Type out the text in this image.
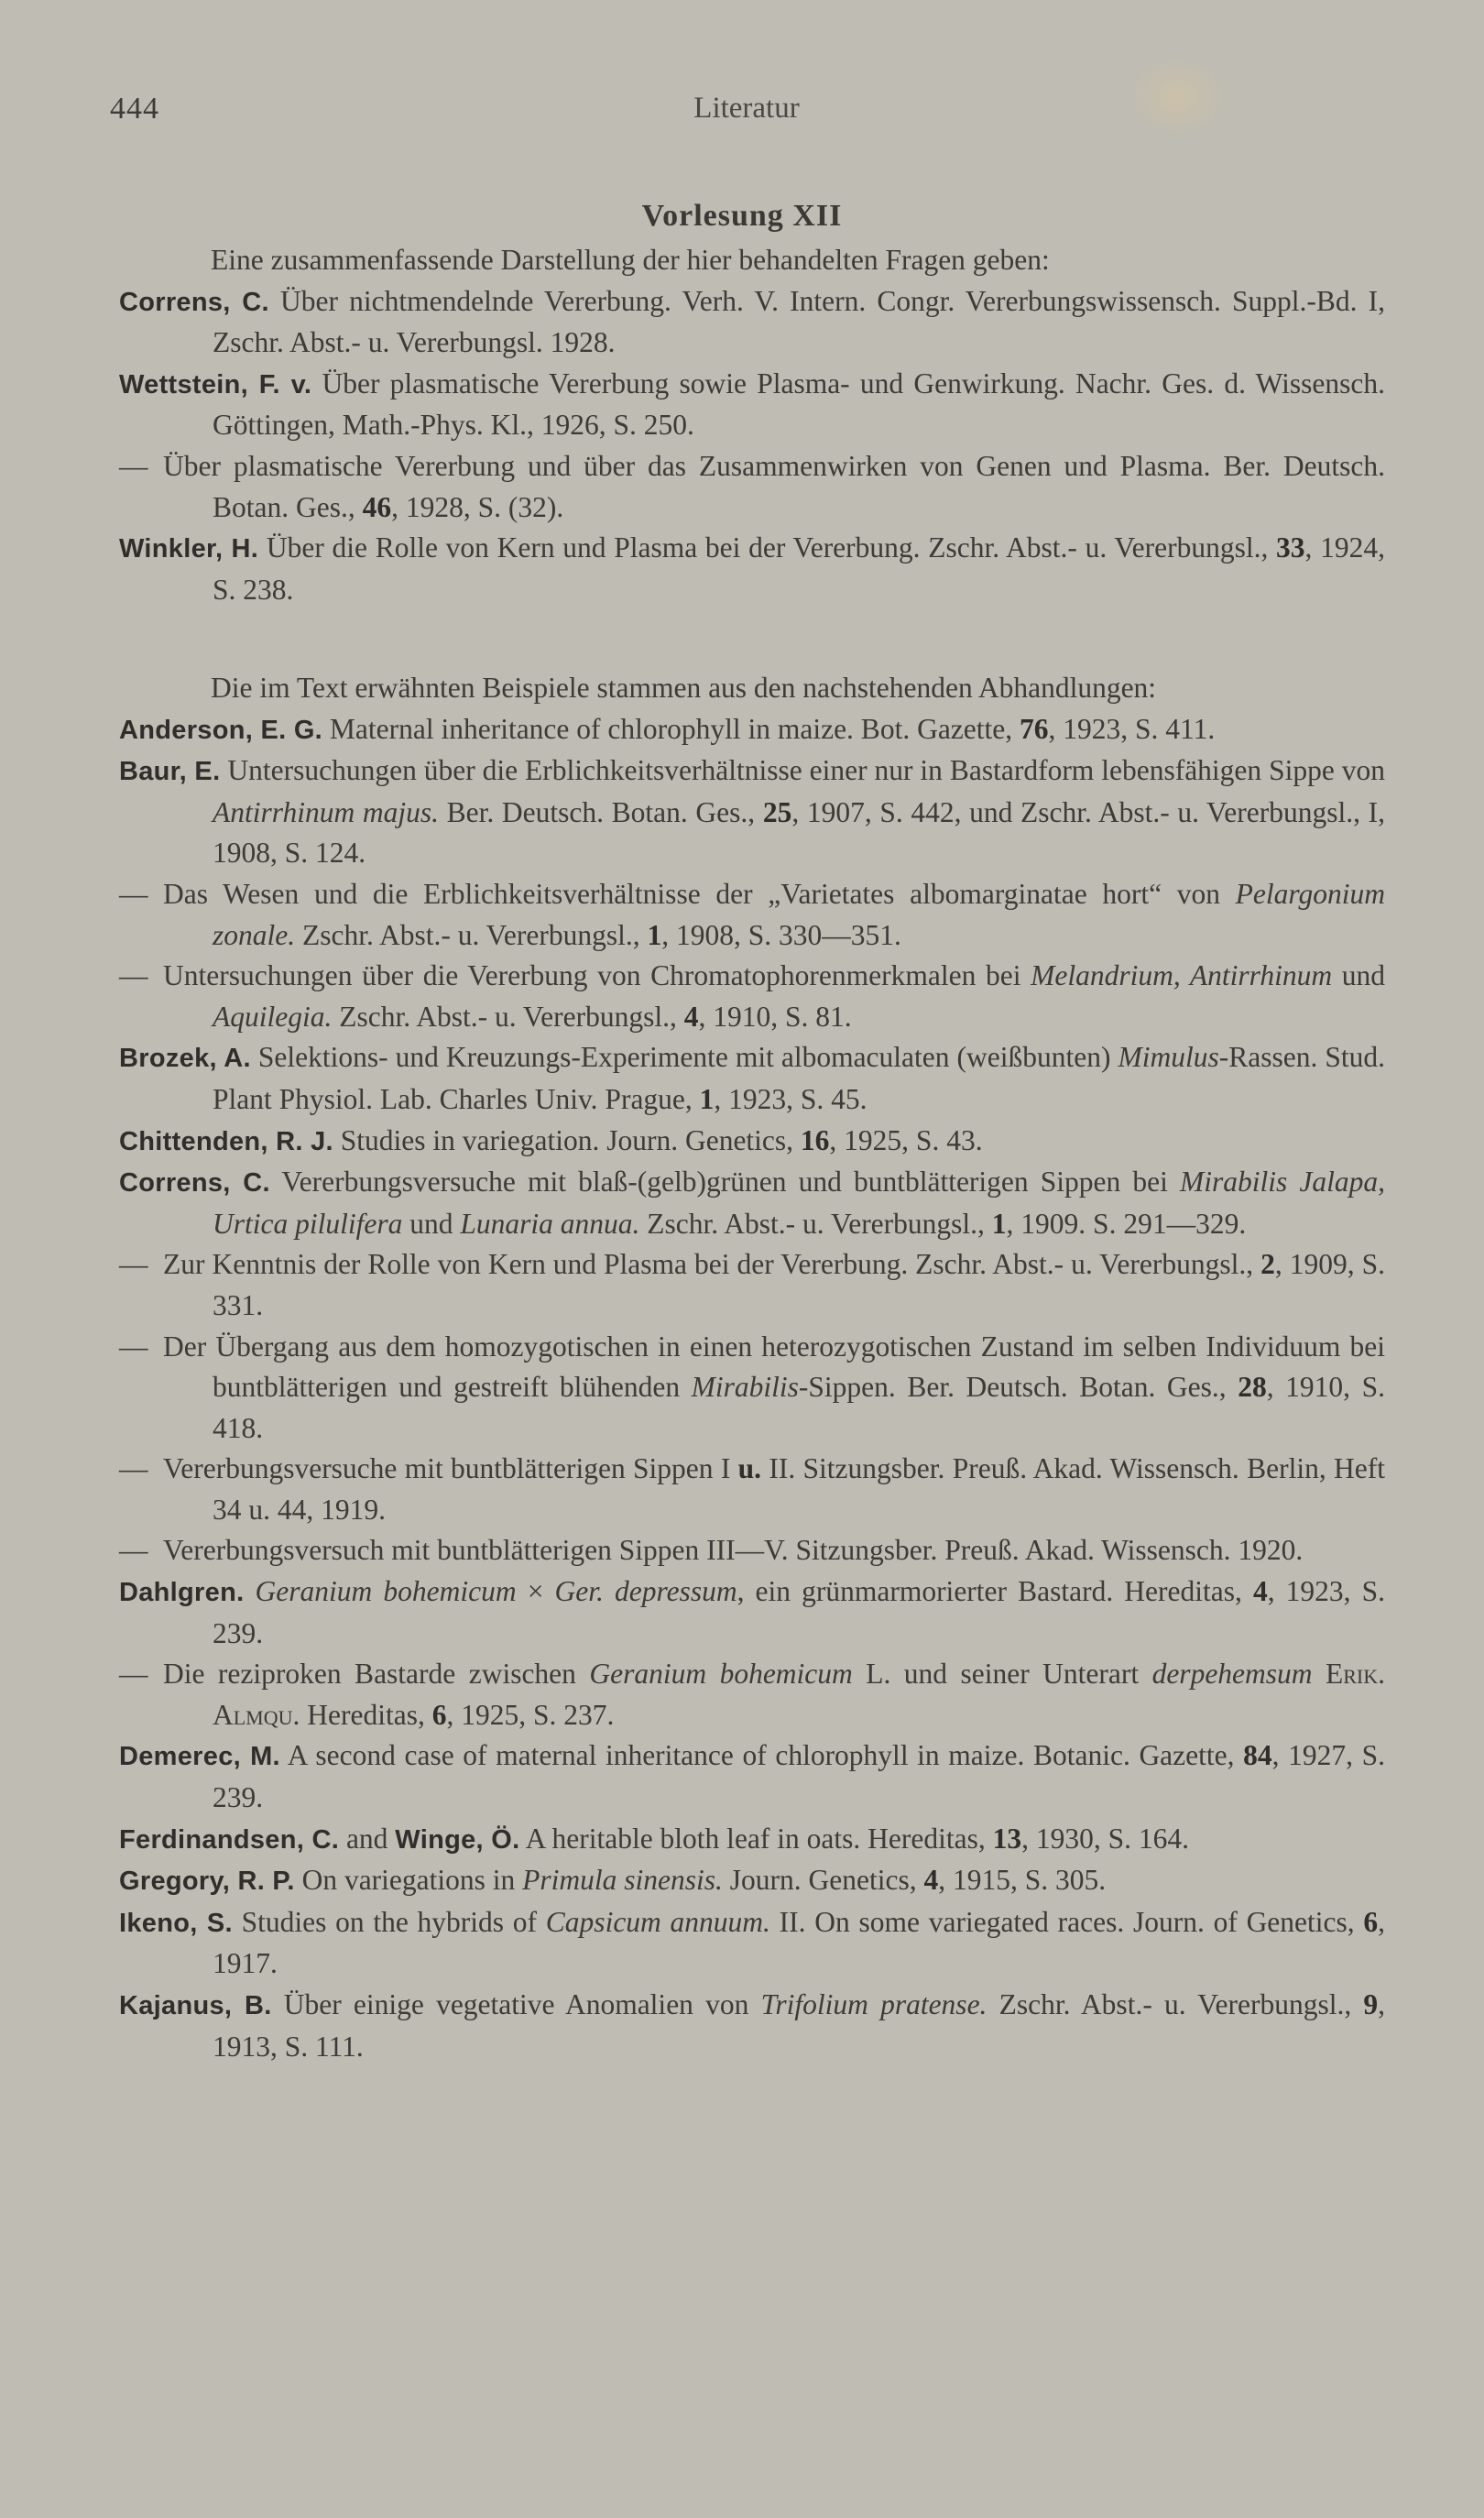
444	Literatur
Vorlesung XII

Eine zusammenfassende Darstellung der hier behandelten Fragen geben:

Correns, C. Über nichtmendelnde Vererbung. Verh. V. Intern. Congr. Vererbungswissensch. Suppl.-Bd. I, Zschr. Abst.- u. Vererbungsl. 1928.

Wettstein, F. v. Über plasmatische Vererbung sowie Plasma- und Genwirkung. Nachr. Ges. d. Wissensch. Göttingen, Math.-Phys. Kl., 1926, S. 250.

— Über plasmatische Vererbung und über das Zusammenwirken von Genen und Plasma. Ber. Deutsch. Botan. Ges., 46, 1928, S. (32).

Winkler, H. Über die Rolle von Kern und Plasma bei der Vererbung. Zschr. Abst.- u. Vererbungsl., 33, 1924, S. 238.

Die im Text erwähnten Beispiele stammen aus den nachstehenden Abhandlungen:

Anderson, E. G. Maternal inheritance of chlorophyll in maize. Bot. Gazette, 76, 1923, S. 411.

Baur, E. Untersuchungen über die Erblichkeitsverhältnisse einer nur in Bastardform lebensfähigen Sippe von Antirrhinum majus. Ber. Deutsch. Botan. Ges., 25, 1907, S. 442, und Zschr. Abst.- u. Vererbungsl., I, 1908, S. 124.

— Das Wesen und die Erblichkeitsverhältnisse der „Varietates albomarginatae hort“ von Pelargonium zonale. Zschr. Abst.- u. Vererbungsl., 1, 1908, S. 330—351.

— Untersuchungen über die Vererbung von Chromatophorenmerkmalen bei Melandrium, Antirrhinum und Aquilegia. Zschr. Abst.- u. Vererbungsl., 4, 1910, S. 81.

Brozek, A. Selektions- und Kreuzungs-Experimente mit albomaculaten (weißbunten) Mimulus-Rassen. Stud. Plant Physiol. Lab. Charles Univ. Prague, 1, 1923, S. 45.

Chittenden, R. J. Studies in variegation. Journ. Genetics, 16, 1925, S. 43.

Correns, C. Vererbungsversuche mit blaß-(gelb)grünen und buntblätterigen Sippen bei Mirabilis Jalapa, Urtica pilulifera und Lunaria annua. Zschr. Abst.- u. Vererbungsl., 1, 1909. S. 291—329.

— Zur Kenntnis der Rolle von Kern und Plasma bei der Vererbung. Zschr. Abst.- u. Vererbungsl., 2, 1909, S. 331.

— Der Übergang aus dem homozygotischen in einen heterozygotischen Zustand im selben Individuum bei buntblätterigen und gestreift blühenden Mirabilis-Sippen. Ber. Deutsch. Botan. Ges., 28, 1910, S. 418.

— Vererbungsversuche mit buntblätterigen Sippen I u. II. Sitzungsber. Preuß. Akad. Wissensch. Berlin, Heft 34 u. 44, 1919.

— Vererbungsversuch mit buntblätterigen Sippen III—V. Sitzungsber. Preuß. Akad. Wissensch. 1920.

Dahlgren. Geranium bohemicum × Ger. depressum, ein grünmarmorierter Bastard. Hereditas, 4, 1923, S. 239.

— Die reziproken Bastarde zwischen Geranium bohemicum L. und seiner Unterart derpehemsum Erik. Almqu. Hereditas, 6, 1925, S. 237.

Demerec, M. A second case of maternal inheritance of chlorophyll in maize. Botanic. Gazette, 84, 1927, S. 239.

Ferdinandsen, C. and Winge, Ö. A heritable bloth leaf in oats. Hereditas, 13, 1930, S. 164.

Gregory, R. P. On variegations in Primula sinensis. Journ. Genetics, 4, 1915, S. 305.

Ikeno, S. Studies on the hybrids of Capsicum annuum. II. On some variegated races. Journ. of Genetics, 6, 1917.

Kajanus, B. Über einige vegetative Anomalien von Trifolium pratense. Zschr. Abst.- u. Vererbungsl., 9, 1913, S. 111.
